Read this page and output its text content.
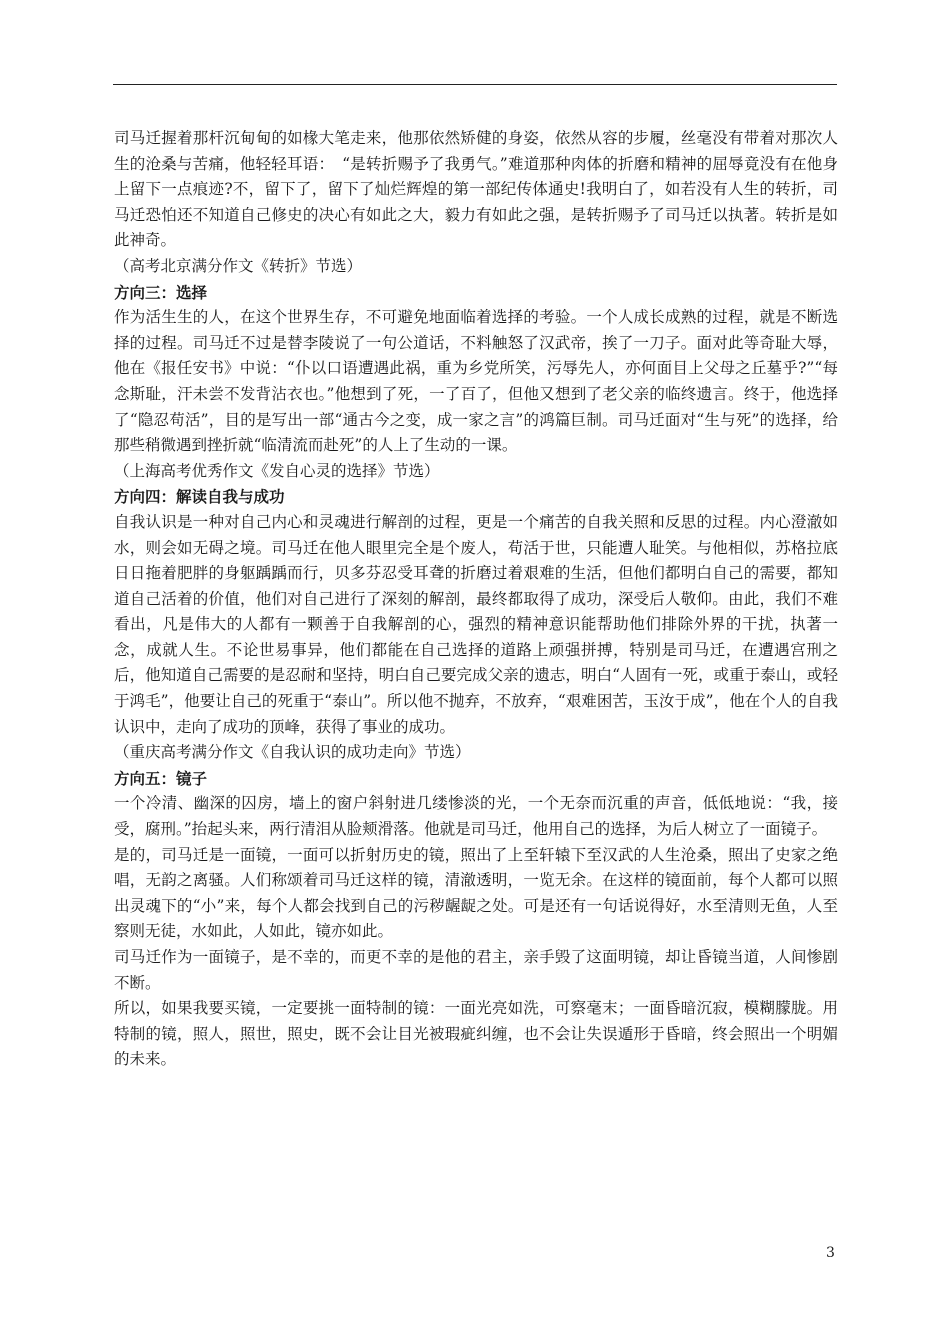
司马迁握着那杆沉甸甸的如椽大笔走来，他那依然矫健的身姿，依然从容的步履，丝毫没有带着对那次人生的沧桑与苦痛，他轻轻耳语：　“是转折赐予了我勇气。”难道那种肉体的折磨和精神的屈辱竟没有在他身上留下一点痕迹?不，留下了，留下了灿烂辉煌的第一部纪传体通史!我明白了，如若没有人生的转折，司马迁恐怕还不知道自己修史的决心有如此之大，毅力有如此之强，是转折赐予了司马迁以执著。转折是如此神奇。

（高考北京满分作文《转折》节选）

方向三：选择

作为活生生的人，在这个世界生存，不可避免地面临着选择的考验。一个人成长成熟的过程，就是不断选择的过程。司马迁不过是替李陵说了一句公道话，不料触怒了汉武帝，挨了一刀子。面对此等奇耻大辱，他在《报任安书》中说：“仆以口语遭遇此祸，重为乡党所笑，污辱先人，亦何面目上父母之丘墓乎?”“每念斯耻，汗未尝不发背沾衣也。”他想到了死，一了百了，但他又想到了老父亲的临终遗言。终于，他选择了“隐忍苟活”，目的是写出一部“通古今之变，成一家之言”的鸿篇巨制。司马迁面对“生与死”的选择，给那些稍微遇到挫折就“临清流而赴死”的人上了生动的一课。

（上海高考优秀作文《发自心灵的选择》节选）

方向四：解读自我与成功

自我认识是一种对自己内心和灵魂进行解剖的过程，更是一个痛苦的自我关照和反思的过程。内心澄澈如水，则会如无碍之境。司马迁在他人眼里完全是个废人，苟活于世，只能遭人耻笑。与他相似，苏格拉底日日拖着肥胖的身躯踽踽而行，贝多芬忍受耳聋的折磨过着艰难的生活，但他们都明白自己的需要，都知道自己活着的价值，他们对自己进行了深刻的解剖，最终都取得了成功，深受后人敬仰。由此，我们不难看出，凡是伟大的人都有一颗善于自我解剖的心，强烈的精神意识能帮助他们排除外界的干扰，执著一念，成就人生。不论世易事异，他们都能在自己选择的道路上顽强拼搏，特别是司马迁，在遭遇宫刑之后，他知道自己需要的是忍耐和坚持，明白自己要完成父亲的遗志，明白“人固有一死，或重于泰山，或轻于鸿毛”，他要让自己的死重于“泰山”。所以他不抛弃，不放弃，“艰难困苦，玉汝于成”，他在个人的自我认识中，走向了成功的顶峰，获得了事业的成功。

（重庆高考满分作文《自我认识的成功走向》节选）

方向五：镜子

一个冷清、幽深的囚房，墙上的窗户斜射进几缕惨淡的光，一个无奈而沉重的声音，低低地说：“我，接受，腐刑。”抬起头来，两行清泪从脸颊滑落。他就是司马迁，他用自己的选择，为后人树立了一面镜子。

是的，司马迁是一面镜，一面可以折射历史的镜，照出了上至轩辕下至汉武的人生沧桑，照出了史家之绝唱，无韵之离骚。人们称颂着司马迁这样的镜，清澈透明，一览无余。在这样的镜面前，每个人都可以照出灵魂下的“小”来，每个人都会找到自己的污秽龌龊之处。可是还有一句话说得好，水至清则无鱼，人至察则无徒，水如此，人如此，镜亦如此。

司马迁作为一面镜子，是不幸的，而更不幸的是他的君主，亲手毁了这面明镜，却让昏镜当道，人间惨剧不断。

所以，如果我要买镜，一定要挑一面特制的镜：一面光亮如洗，可察毫末；一面昏暗沉寂，模糊朦胧。用特制的镜，照人，照世，照史，既不会让目光被瑕疵纠缠，也不会让失误遁形于昏暗，终会照出一个明媚的未来。

3
